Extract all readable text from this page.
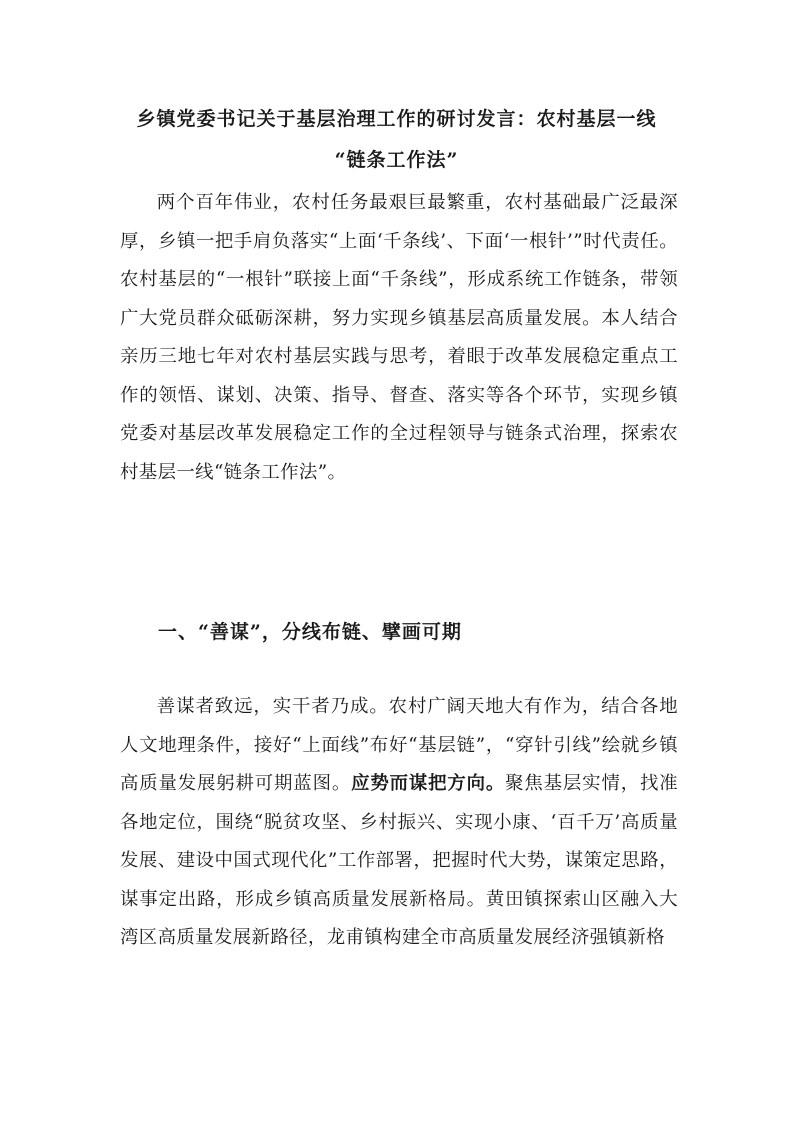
乡镇党委书记关于基层治理工作的研讨发言：农村基层一线
“链条工作法”

两个百年伟业，农村任务最艰巨最繁重，农村基础最广泛最深厚，乡镇一把手肩负落实“上面‘千条线’、下面‘一根针’”时代责任。农村基层的“一根针”联接上面“千条线”，形成系统工作链条，带领广大党员群众砥砺深耕，努力实现乡镇基层高质量发展。本人结合亲历三地七年对农村基层实践与思考，着眼于改革发展稳定重点工作的领悟、谋划、决策、指导、督查、落实等各个环节，实现乡镇党委对基层改革发展稳定工作的全过程领导与链条式治理，探索农村基层一线“链条工作法”。

一、“善谋”，分线布链、擘画可期

善谋者致远，实干者乃成。农村广阔天地大有作为，结合各地人文地理条件，接好“上面线”布好“基层链”，“穿针引线”绘就乡镇高质量发展躬耕可期蓝图。应势而谋把方向。聚焦基层实情，找准各地定位，围绕“脱贫攻坚、乡村振兴、实现小康、‘百千万’高质量发展、建设中国式现代化”工作部署，把握时代大势，谋策定思路，谋事定出路，形成乡镇高质量发展新格局。黄田镇探索山区融入大湾区高质量发展新路径，龙甫镇构建全市高质量发展经济强镇新格
